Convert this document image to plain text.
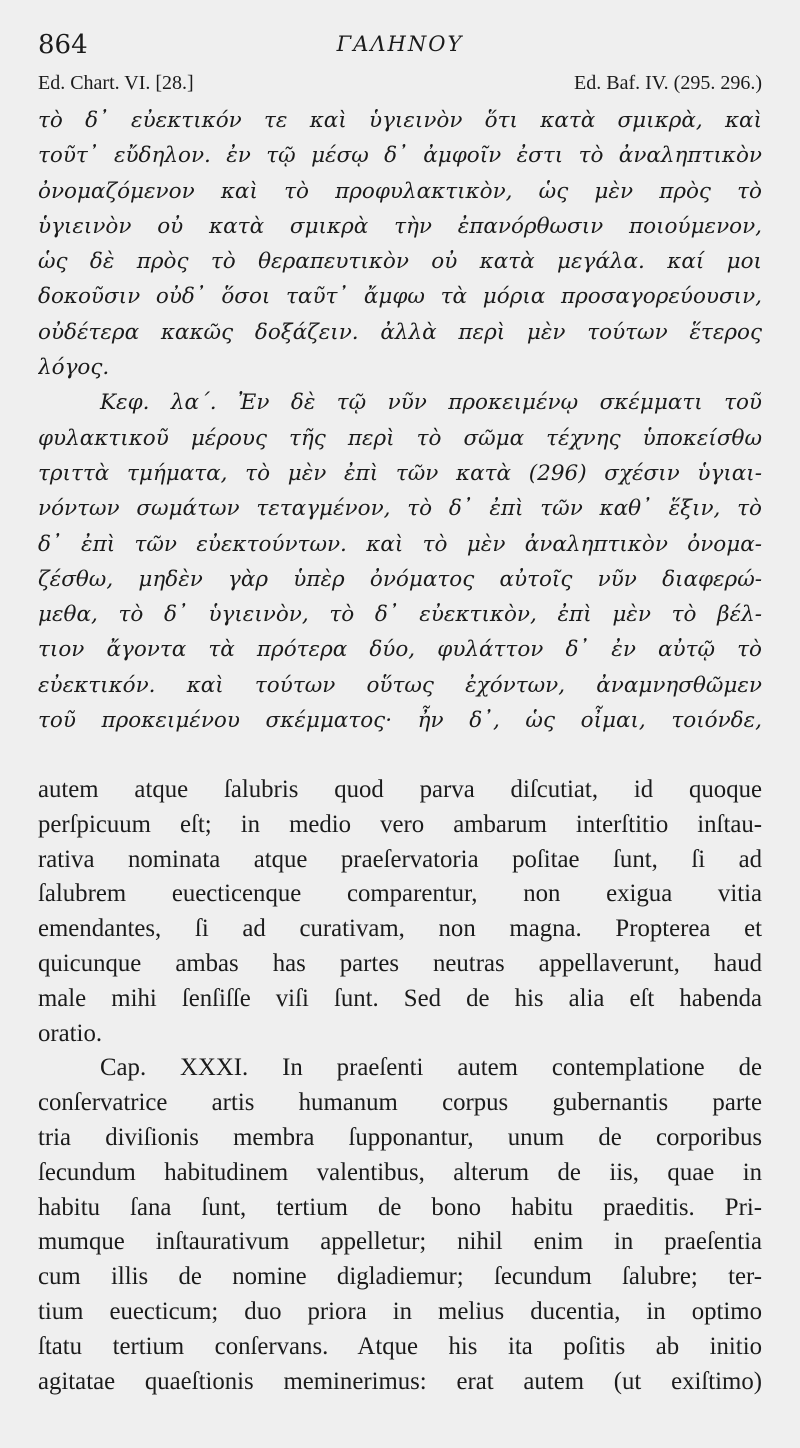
864	ΓΑΛΗΝΟΥ
Ed. Chart. VI. [28.]	Ed. Baf. IV. (295. 296.)
τὸ δ᾽ εὐεκτικόν τε καὶ ὑγιεινὸν ὅτι κατὰ σμικρὰ, καὶ
τοῦτ᾽ εὔδηλον. ἐν τῷ μέσῳ δ᾽ ἀμφοῖν ἐστι τὸ ἀναληπτικὸν
ὀνομαζόμενον καὶ τὸ προφυλακτικὸν, ὡς μὲν πρὸς τὸ
ὑγιεινὸν οὐ κατὰ σμικρὰ τὴν ἐπανόρθωσιν ποιούμενον,
ὡς δὲ πρὸς τὸ θεραπευτικὸν οὐ κατὰ μεγάλα. καί μοι
δοκοῦσιν οὐδ᾽ ὅσοι ταῦτ᾽ ἄμφω τὰ μόρια προσαγορεύουσιν,
οὐδέτερα κακῶς δοξάζειν. ἀλλὰ περὶ μὲν τούτων ἕτερος
λόγος.
Κεφ. λα΄. Ἐν δὲ τῷ νῦν προκειμένῳ σκέμματι τοῦ
φυλακτικοῦ μέρους τῆς περὶ τὸ σῶμα τέχνης ὑποκείσθω
τριττὰ τμήματα, τὸ μὲν ἐπὶ τῶν κατὰ (296) σχέσιν ὑγιαι-
νόντων σωμάτων τεταγμένον, τὸ δ᾽ ἐπὶ τῶν καθ᾽ ἕξιν, τὸ
δ᾽ ἐπὶ τῶν εὐεκτούντων. καὶ τὸ μὲν ἀναληπτικὸν ὀνομα-
ζέσθω, μηδὲν γὰρ ὑπὲρ ὀνόματος αὐτοῖς νῦν διαφερώ-
μεθα, τὸ δ᾽ ὑγιεινὸν, τὸ δ᾽ εὐεκτικὸν, ἐπὶ μὲν τὸ βέλ-
τιον ἄγοντα τὰ πρότερα δύο, φυλάττον δ᾽ ἐν αὐτῷ τὸ
εὐεκτικόν. καὶ τούτων οὕτως ἐχόντων, ἀναμνησθῶμεν
τοῦ προκειμένου σκέμματος· ἦν δ᾽, ὡς οἶμαι, τοιόνδε,
autem atque ſalubris quod parva diſcutiat, id quoque
perſpicuum eſt; in medio vero ambarum interſtitio inſtau-
rativa nominata atque praeſervatoria poſitae ſunt, ſi ad
ſalubrem euecticenque comparentur, non exigua vitia
emendantes, ſi ad curativam, non magna. Propterea et
quicunque ambas has partes neutras appellaverunt, haud
male mihi ſenſiſſe viſi ſunt. Sed de his alia eſt habenda
oratio.
Cap. XXXI. In praeſenti autem contemplatione de
conſervatrice artis humanum corpus gubernantis parte
tria diviſionis membra ſupponantur, unum de corporibus
ſecundum habitudinem valentibus, alterum de iis, quae in
habitu ſana ſunt, tertium de bono habitu praeditis. Pri-
mumque inſtaurativum appelletur; nihil enim in praeſentia
cum illis de nomine digladiemur; ſecundum ſalubre; ter-
tium euecticum; duo priora in melius ducentia, in optimo
ſtatu tertium conſervans. Atque his ita poſitis ab initio
agitatae quaeſtionis meminerimus: erat autem (ut exiſtimo)
